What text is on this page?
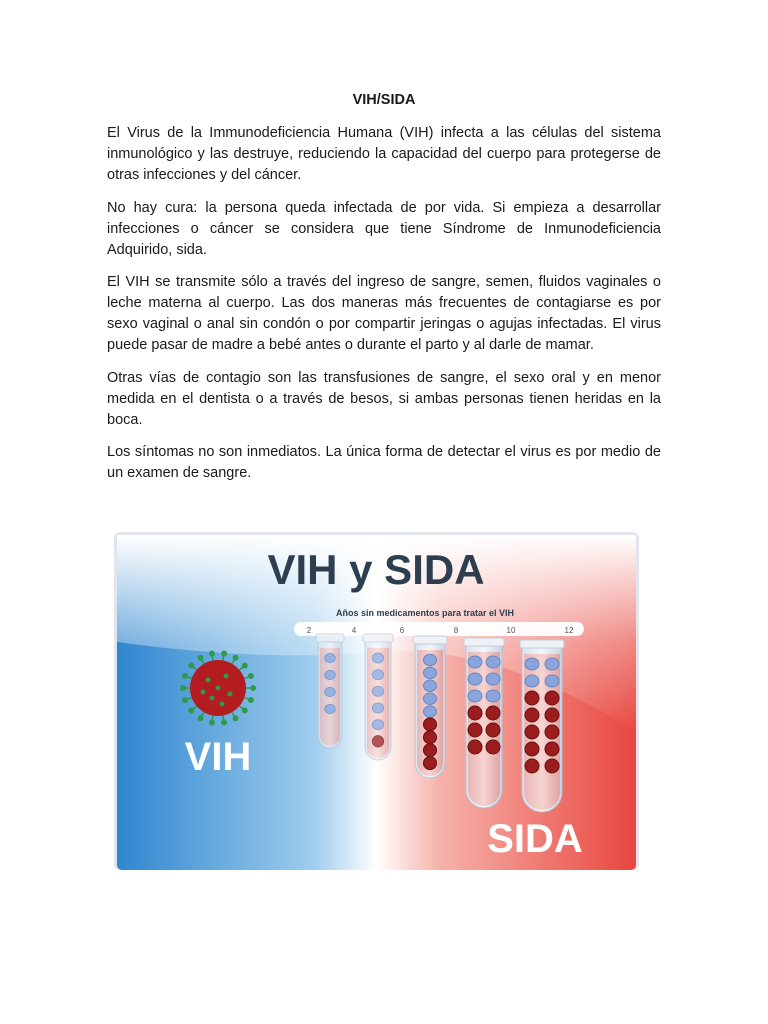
VIH/SIDA

El Virus de la Immunodeficiencia Humana (VIH) infecta a las células del sistema inmunológico y las destruye, reduciendo la capacidad del cuerpo para protegerse de otras infecciones y del cáncer.

No hay cura: la persona queda infectada de por vida. Si empieza a desarrollar infecciones o cáncer se considera que tiene Síndrome de Inmunodeficiencia Adquirido, sida.

El VIH se transmite sólo a través del ingreso de sangre, semen, fluidos vaginales o leche materna al cuerpo. Las dos maneras más frecuentes de contagiarse es por sexo vaginal o anal sin condón o por compartir jeringas o agujas infectadas. El virus puede pasar de madre a bebé antes o durante el parto y al darle de mamar.

Otras vías de contagio son las transfusiones de sangre, el sexo oral y en menor medida en el dentista o a través de besos, si ambas personas tienen heridas en la boca.

Los síntomas no son inmediatos. La única forma de detectar el virus es por medio de un examen de sangre.

VIH y SIDA
Años sin medicamentos para tratar el VIH
2	4	6	8	10	12
VIH
SIDA
